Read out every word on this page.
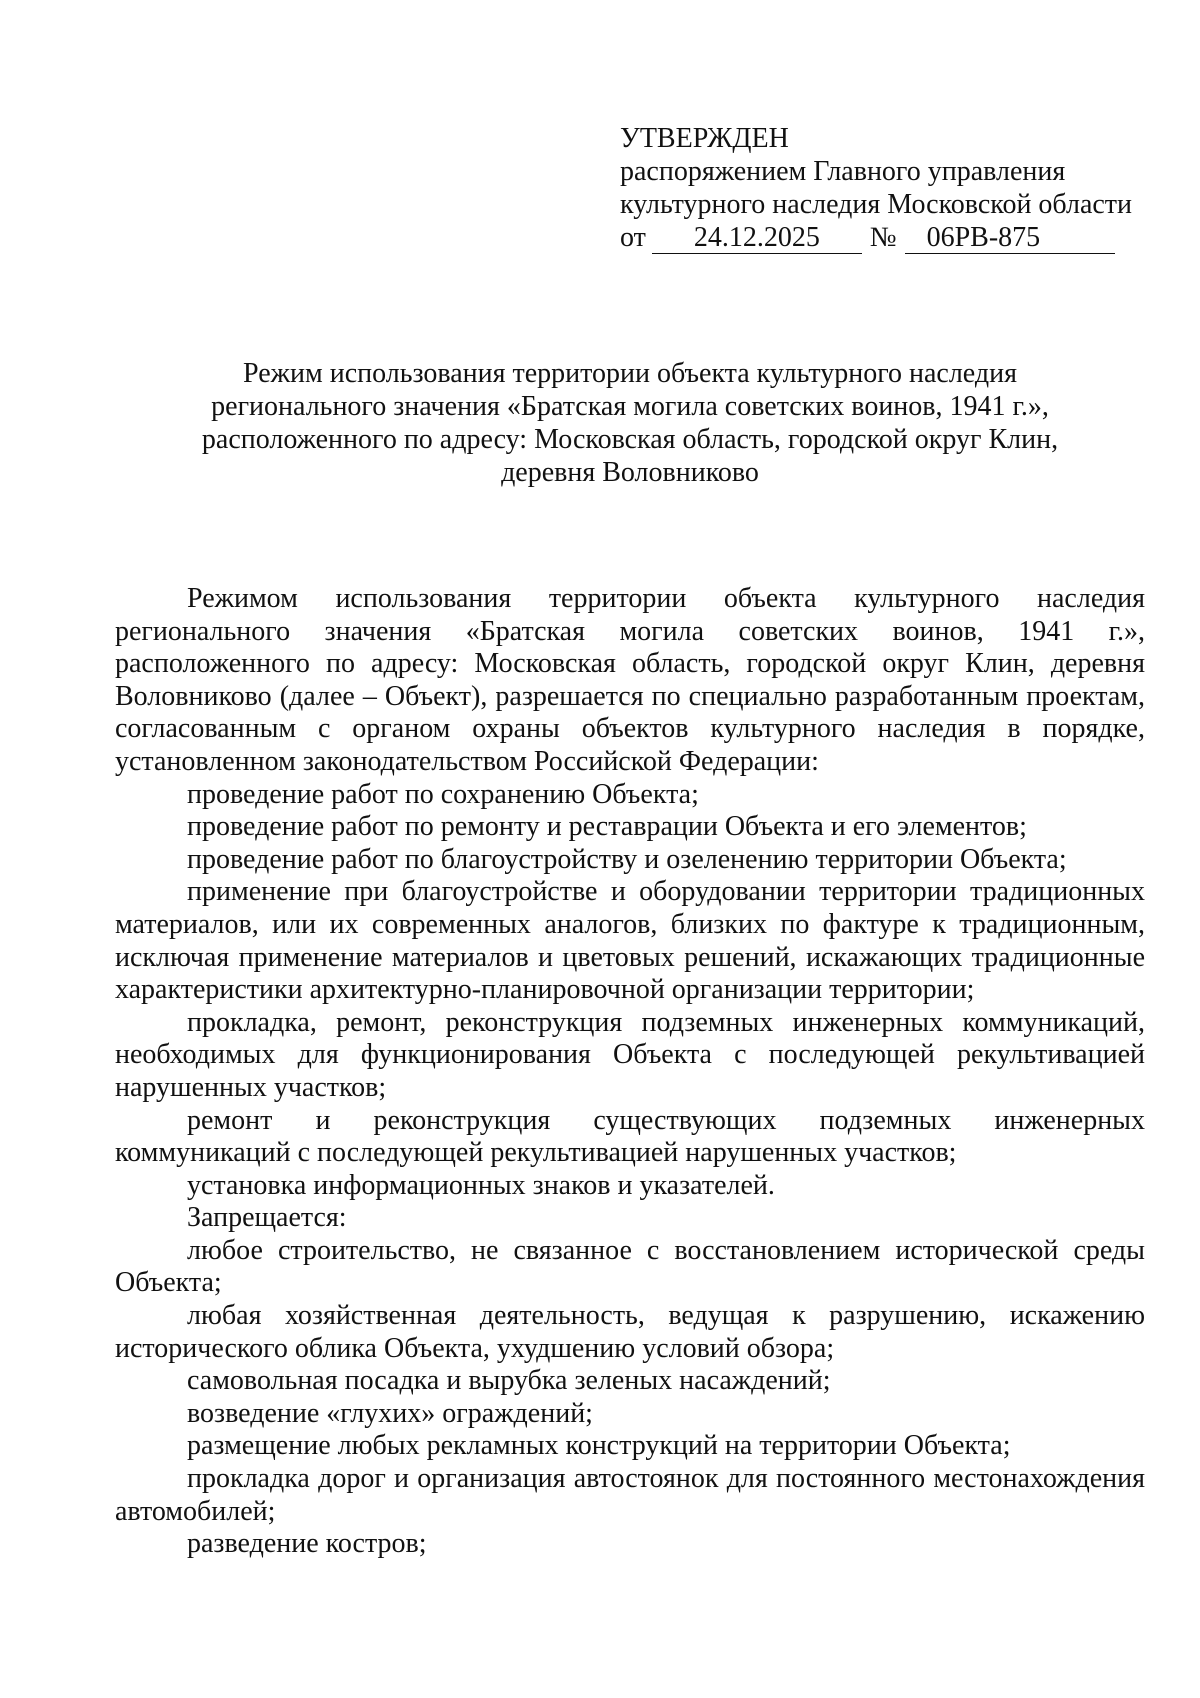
УТВЕРЖДЕН
распоряжением Главного управления
культурного наследия Московской области
от 24.12.2025 № 06РВ-875
Режим использования территории объекта культурного наследия
регионального значения «Братская могила советских воинов, 1941 г.»,
расположенного по адресу: Московская область, городской округ Клин,
деревня Воловниково

Режимом использования территории объекта культурного наследия регионального значения «Братская могила советских воинов, 1941 г.», расположенного по адресу: Московская область, городской округ Клин, деревня Воловниково (далее – Объект), разрешается по специально разработанным проектам, согласованным с органом охраны объектов культурного наследия в порядке, установленном законодательством Российской Федерации:

проведение работ по сохранению Объекта;

проведение работ по ремонту и реставрации Объекта и его элементов;

проведение работ по благоустройству и озеленению территории Объекта;

применение при благоустройстве и оборудовании территории традиционных материалов, или их современных аналогов, близких по фактуре к традиционным, исключая применение материалов и цветовых решений, искажающих традиционные характеристики архитектурно-планировочной организации территории;

прокладка, ремонт, реконструкция подземных инженерных коммуникаций, необходимых для функционирования Объекта с последующей рекультивацией нарушенных участков;

ремонт и реконструкция существующих подземных инженерных коммуникаций с последующей рекультивацией нарушенных участков;

установка информационных знаков и указателей.

Запрещается:

любое строительство, не связанное с восстановлением исторической среды Объекта;

любая хозяйственная деятельность, ведущая к разрушению, искажению исторического облика Объекта, ухудшению условий обзора;

самовольная посадка и вырубка зеленых насаждений;

возведение «глухих» ограждений;

размещение любых рекламных конструкций на территории Объекта;

прокладка дорог и организация автостоянок для постоянного местонахождения автомобилей;

разведение костров;
